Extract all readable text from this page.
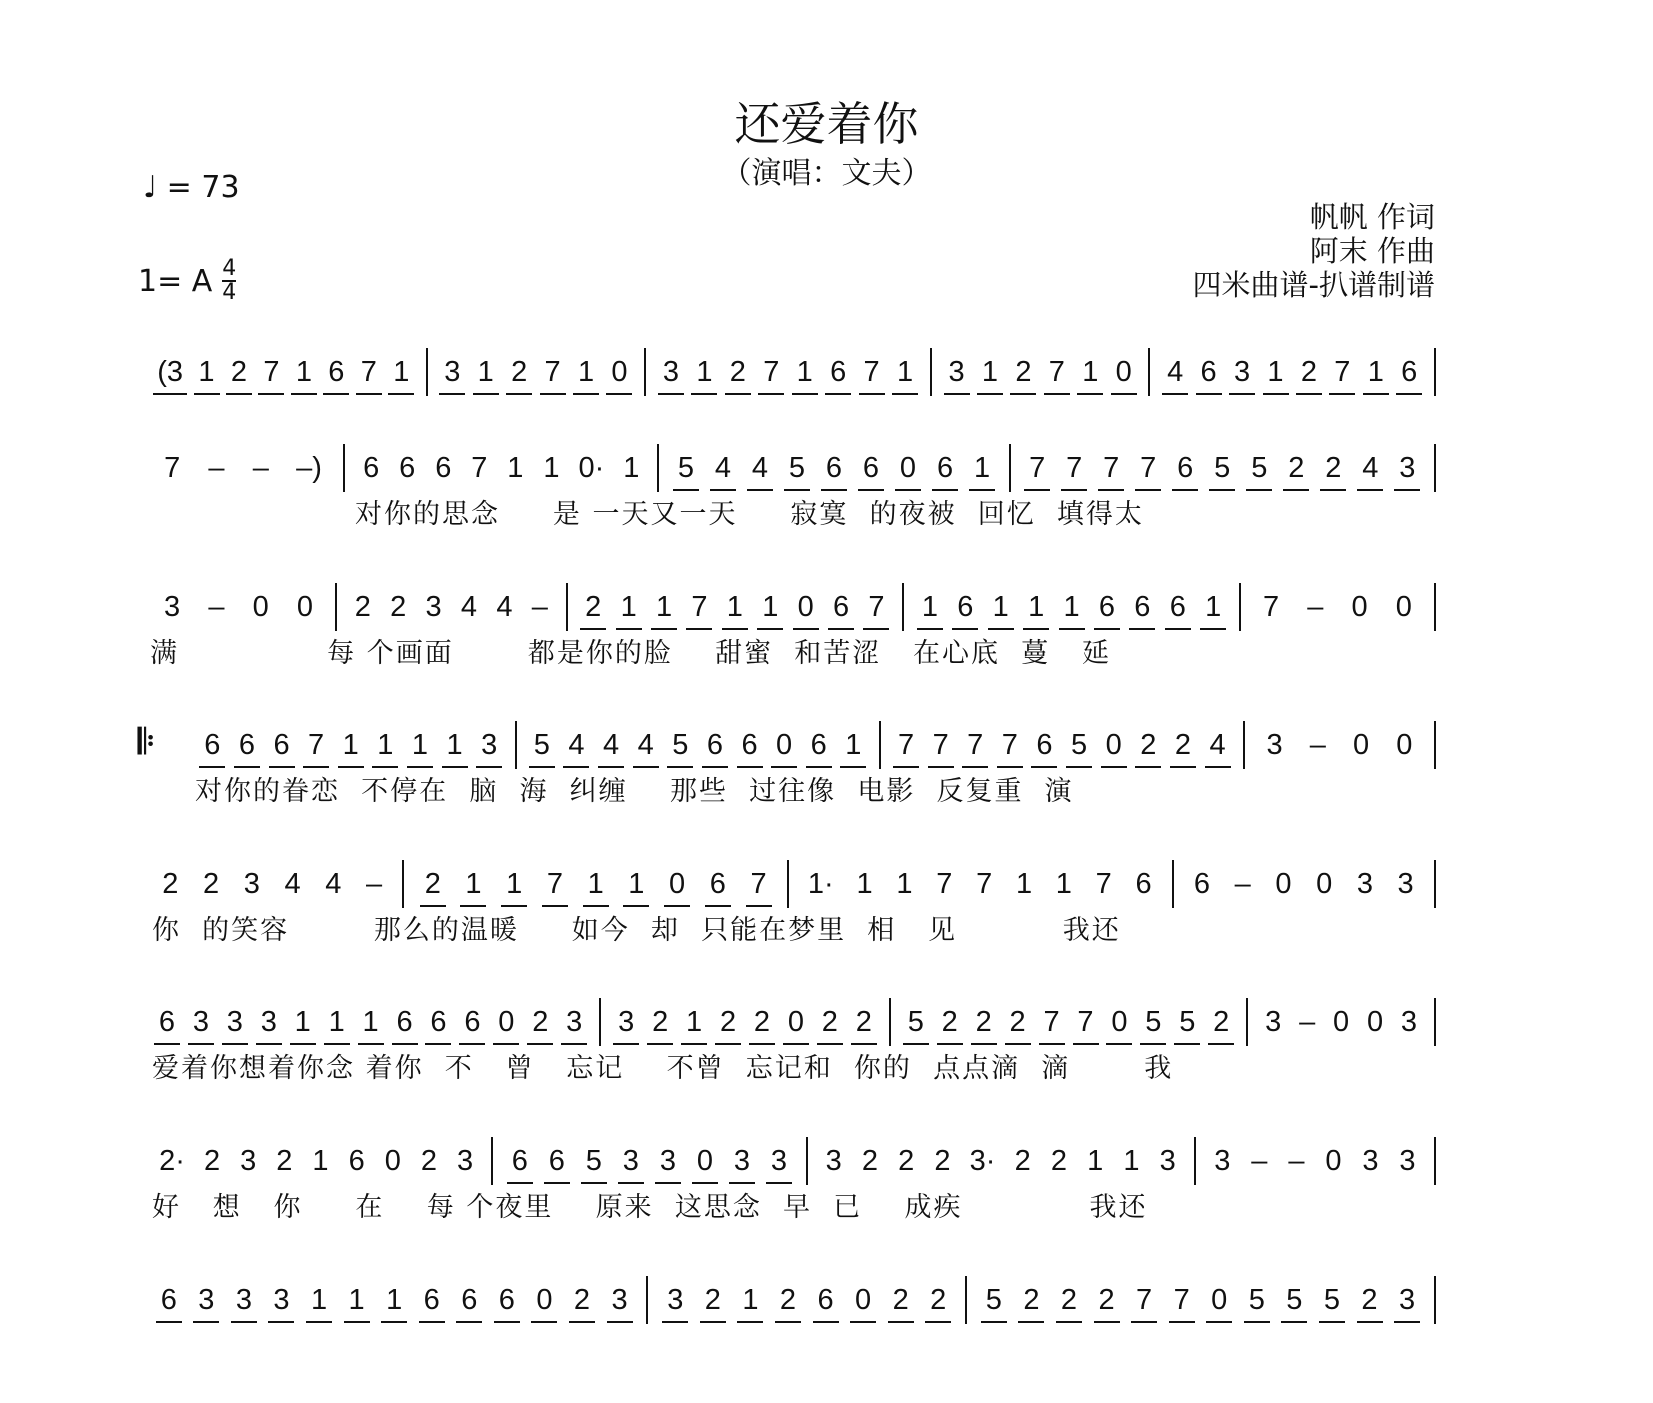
还爱着你
（演唱：文夫）
♩ = 73
1= A $\frac{4}{4}$
帆帆 作词
阿末 作曲
四米曲谱-扒谱制谱
𝄆
(3 1 2 7 1 6 7 1 3 1 2 7 1 0 3 1 2 7 1 6 7 1 3 1 2 7 1 0 4 6 3 1 2 7 1 6
7 – – –) 6 6 6 7 1 1 0· 1 5 4 4 5 6 6 0 6 1 7 7 7 7 6 5 5 2 2 4 3
对你的思念     是 一天又一天     寂寞  的夜被  回忆  填得太
3 – 0 0 2 2 3 4 4 – 2 1 1 7 1 1 0 6 7 1 6 1 1 1 6 6 6 1 7 – 0 0
满              每 个画面       都是你的脸    甜蜜  和苦涩   在心底  蔓   延
6 6 6 7 1 1 1 1 3 5 4 4 4 5 6 6 0 6 1 7 7 7 7 6 5 0 2 2 4 3 – 0 0
对你的眷恋  不停在  脑  海  纠缠    那些  过往像  电影  反复重  演
2 2 3 4 4 – 2 1 1 7 1 1 0 6 7 1· 1 1 7 7 1 1 7 6 6 – 0 0 3 3
你  的笑容        那么的温暖     如今  却  只能在梦里  相   见          我还
6 3 3 3 1 1 1 6 6 6 0 2 3 3 2 1 2 2 0 2 2 5 2 2 2 7 7 0 5 5 2 3 – 0 0 3
爱着你想着你念 着你  不   曾   忘记    不曾  忘记和  你的  点点滴  滴       我
2· 2 3 2 1 6 0 2 3 6 6 5 3 3 0 3 3 3 2 2 2 3· 2 2 1 1 3 3 – – 0 3 3
好   想   你     在    每 个夜里    原来  这思念  早  已    成疾            我还
6 3 3 3 1 1 1 6 6 6 0 2 3 3 2 1 2 6 0 2 2 5 2 2 2 7 7 0 5 5 5 2 3
